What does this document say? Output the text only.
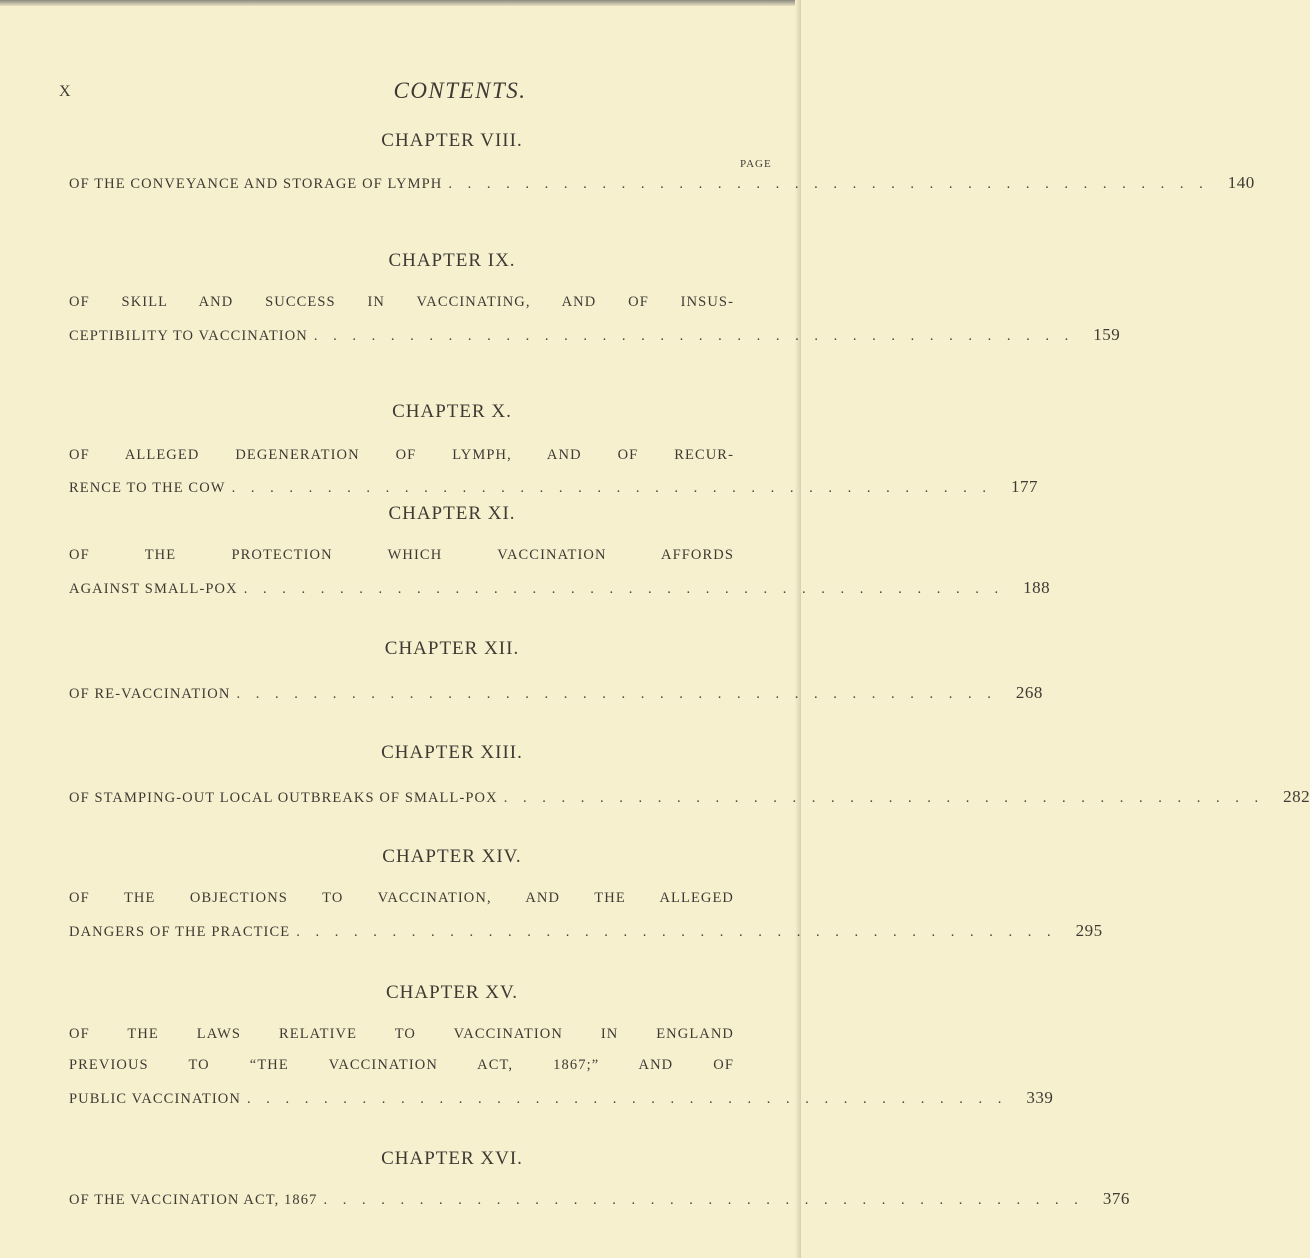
X	CONTENTS.
PAGE
CHAPTER VIII.
OF THE CONVEYANCE AND STORAGE OF LYMPH . . . . . . . . . . . . . . . . . . . . . . . . . . . . . . . . . . . . . . . .	140
CHAPTER IX.
OF SKILL AND SUCCESS IN VACCINATING, AND OF INSUS-
CEPTIBILITY TO VACCINATION . . . . . . . . . . . . . . . . . . . . . . . . . . . . . . . . . . . . . . . .	159
CHAPTER X.
OF ALLEGED DEGENERATION OF LYMPH, AND OF RECUR-
RENCE TO THE COW . . . . . . . . . . . . . . . . . . . . . . . . . . . . . . . . . . . . . . . .	177
CHAPTER XI.
OF THE PROTECTION WHICH VACCINATION AFFORDS
AGAINST SMALL-POX . . . . . . . . . . . . . . . . . . . . . . . . . . . . . . . . . . . . . . . .	188
CHAPTER XII.
OF RE-VACCINATION . . . . . . . . . . . . . . . . . . . . . . . . . . . . . . . . . . . . . . . .	268
CHAPTER XIII.
OF STAMPING-OUT LOCAL OUTBREAKS OF SMALL-POX . . . . . . . . . . . . . . . . . . . . . . . . . . . . . . . . . . . . . . . .	282
CHAPTER XIV.
OF THE OBJECTIONS TO VACCINATION, AND THE ALLEGED
DANGERS OF THE PRACTICE . . . . . . . . . . . . . . . . . . . . . . . . . . . . . . . . . . . . . . . .	295
CHAPTER XV.
OF THE LAWS RELATIVE TO VACCINATION IN ENGLAND
PREVIOUS TO “THE VACCINATION ACT, 1867;” AND OF
PUBLIC VACCINATION . . . . . . . . . . . . . . . . . . . . . . . . . . . . . . . . . . . . . . . .	339
CHAPTER XVI.
OF THE VACCINATION ACT, 1867 . . . . . . . . . . . . . . . . . . . . . . . . . . . . . . . . . . . . . . . .	376
